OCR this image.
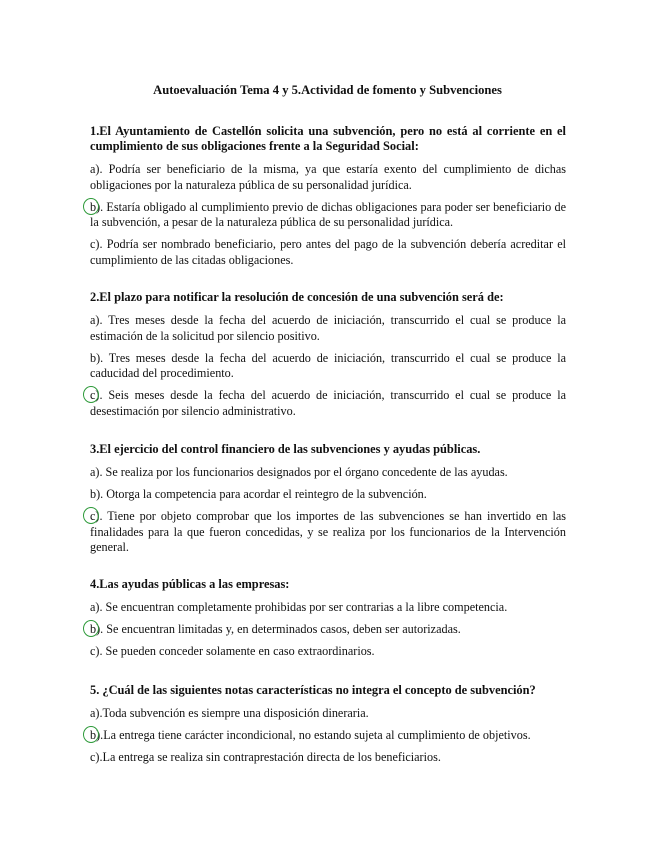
Autoevaluación Tema 4 y 5.Actividad de fomento y Subvenciones

1.El Ayuntamiento de Castellón solicita una subvención, pero no está al corriente en el cumplimiento de sus obligaciones frente a la Seguridad Social:

a). Podría ser beneficiario de la misma, ya que estaría exento del cumplimiento de dichas obligaciones por la naturaleza pública de su personalidad jurídica.

b). Estaría obligado al cumplimiento previo de dichas obligaciones para poder ser beneficiario de la subvención, a pesar de la naturaleza pública de su personalidad jurídica.

c). Podría ser nombrado beneficiario, pero antes del pago de la subvención debería acreditar el cumplimiento de las citadas obligaciones.

2.El plazo para notificar la resolución de concesión de una subvención será de:

a). Tres meses desde la fecha del acuerdo de iniciación, transcurrido el cual se produce la estimación de la solicitud por silencio positivo.

b). Tres meses desde la fecha del acuerdo de iniciación, transcurrido el cual se produce la caducidad del procedimiento.

c). Seis meses desde la fecha del acuerdo de iniciación, transcurrido el cual se produce la desestimación por silencio administrativo.

3.El ejercicio del control financiero de las subvenciones y ayudas públicas.

a). Se realiza por los funcionarios designados por el órgano concedente de las ayudas.

b). Otorga la competencia para acordar el reintegro de la subvención.

c). Tiene por objeto comprobar que los importes de las subvenciones se han invertido en las finalidades para la que fueron concedidas, y se realiza por los funcionarios de la Intervención general.

4.Las ayudas públicas a las empresas:

a). Se encuentran completamente prohibidas por ser contrarias a la libre competencia.

b). Se encuentran limitadas y, en determinados casos, deben ser autorizadas.

c). Se pueden conceder solamente en caso extraordinarios.

5. ¿Cuál de las siguientes notas características no integra el concepto de subvención?

a).Toda subvención es siempre una disposición dineraria.

b).La entrega tiene carácter incondicional, no estando sujeta al cumplimiento de objetivos.

c).La entrega se realiza sin contraprestación directa de los beneficiarios.
